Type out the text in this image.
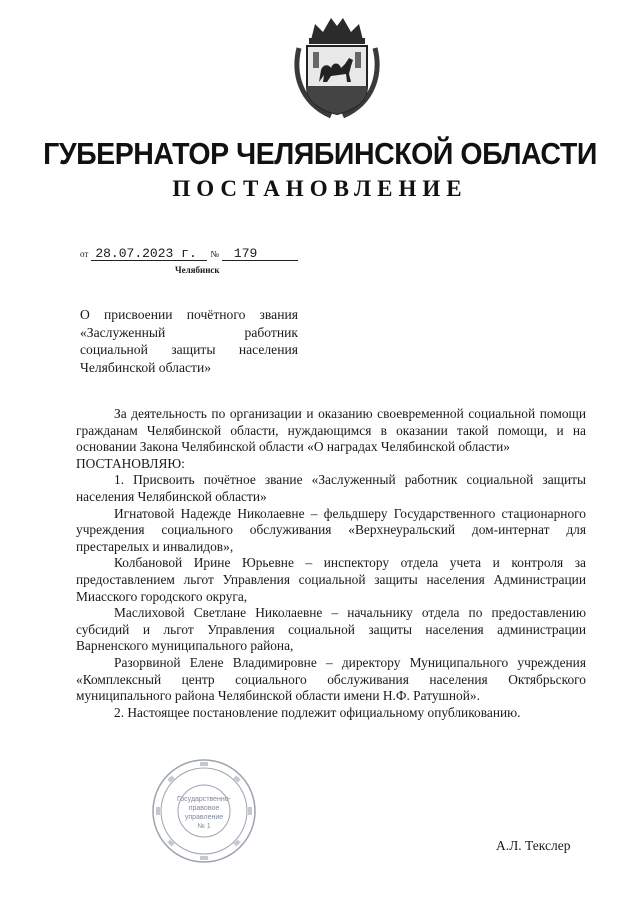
ГУБЕРНАТОР ЧЕЛЯБИНСКОЙ ОБЛАСТИ
ПОСТАНОВЛЕНИЕ
от 28.07.2023 г. № 179
Челябинск
О присвоении почётного звания
«Заслуженный работник
социальной защиты населения
Челябинской области»

За деятельность по организации и оказанию своевременной социальной помощи гражданам Челябинской области, нуждающимся в оказании такой помощи, и на основании Закона Челябинской области «О наградах Челябинской области»

ПОСТАНОВЛЯЮ:

1. Присвоить почётное звание «Заслуженный работник социальной защиты населения Челябинской области»

Игнатовой Надежде Николаевне – фельдшеру Государственного стационарного учреждения социального обслуживания «Верхнеуральский дом-интернат для престарелых и инвалидов»,

Колбановой Ирине Юрьевне – инспектору отдела учета и контроля за предоставлением льгот Управления социальной защиты населения Администрации Миасского городского округа,

Маслиховой Светлане Николаевне – начальнику отдела по предоставлению субсидий и льгот Управления социальной защиты населения администрации Варненского муниципального района,

Разорвиной Елене Владимировне – директору Муниципального учреждения «Комплексный центр социального обслуживания населения Октябрьского муниципального района Челябинской области имени Н.Ф. Ратушной».

2. Настоящее постановление подлежит официальному опубликованию.

Государственно-
правовое
управление
№ 1
А.Л. Текслер
